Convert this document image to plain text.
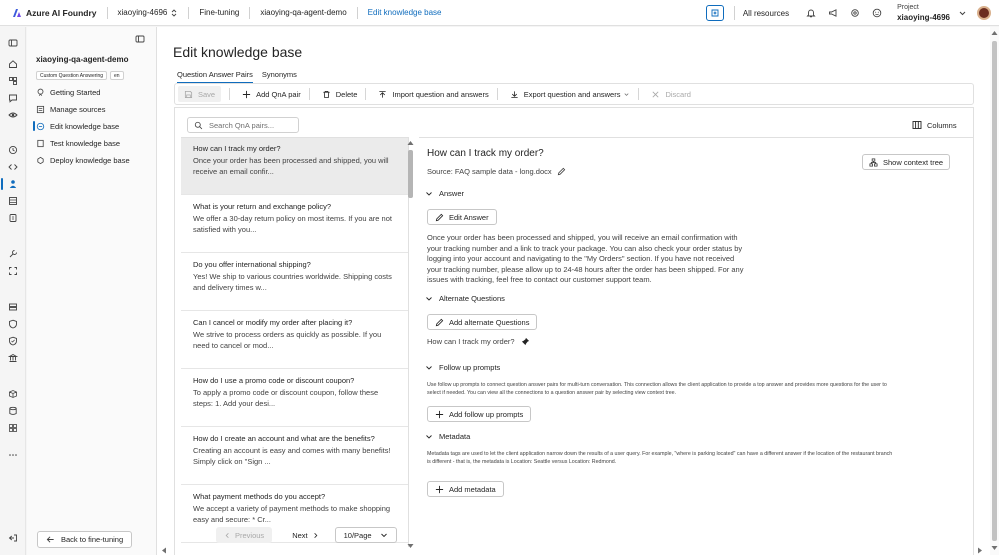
Azure AI Foundry	xiaoying-4696	Fine-tuning	xiaoying-qa-agent-demo	Edit knowledge base	All resources
Project
xiaoying-4696
xiaoying-qa-agent-demo
Custom Question Answering	en
Getting Started
Manage sources
Edit knowledge base
Test knowledge base
Deploy knowledge base
Back to fine-tuning
Edit knowledge base
Question Answer Pairs Synonyms
Save	Add QnA pair	Delete	Import question and answers	Export question and answers	Discard
Search QnA pairs...	Columns
How can I track my order?
Once your order has been processed and shipped, you will receive an email confir...
What is your return and exchange policy?
We offer a 30-day return policy on most items. If you are not satisfied with you...
Do you offer international shipping?
Yes! We ship to various countries worldwide. Shipping costs and delivery times w...
Can I cancel or modify my order after placing it?
We strive to process orders as quickly as possible. If you need to cancel or mod...
How do I use a promo code or discount coupon?
To apply a promo code or discount coupon, follow these steps: 1. Add your desi...
How do I create an account and what are the benefits?
Creating an account is easy and comes with many benefits! Simply click on "Sign ...
What payment methods do you accept?
We accept a variety of payment methods to make shopping easy and secure: * Cr...
Previous	Next	10/Page
How can I track my order?
Source: FAQ sample data - long.docx
Show context tree
Answer
Edit Answer
Once your order has been processed and shipped, you will receive an email confirmation with your tracking number and a link to track your package. You can also check your order status by logging into your account and navigating to the "My Orders" section. If you have not received your tracking number, please allow up to 24-48 hours after the order has been shipped. For any issues with tracking, feel free to contact our customer support team.
Alternate Questions
Add alternate Questions
How can I track my order?
Follow up prompts
Use follow up prompts to connect question answer pairs for multi-turn conversation. This connection allows the client application to provide a top answer and provides more questions for the user to select if needed. You can view all the connections to a question answer pair by selecting view context tree.
Add follow up prompts
Metadata
Metadata tags are used to let the client application narrow down the results of a user query. For example, "where is parking located" can have a different answer if the location of the restaurant branch is different - that is, the metadata is Location: Seattle versus Location: Redmond.
Add metadata
